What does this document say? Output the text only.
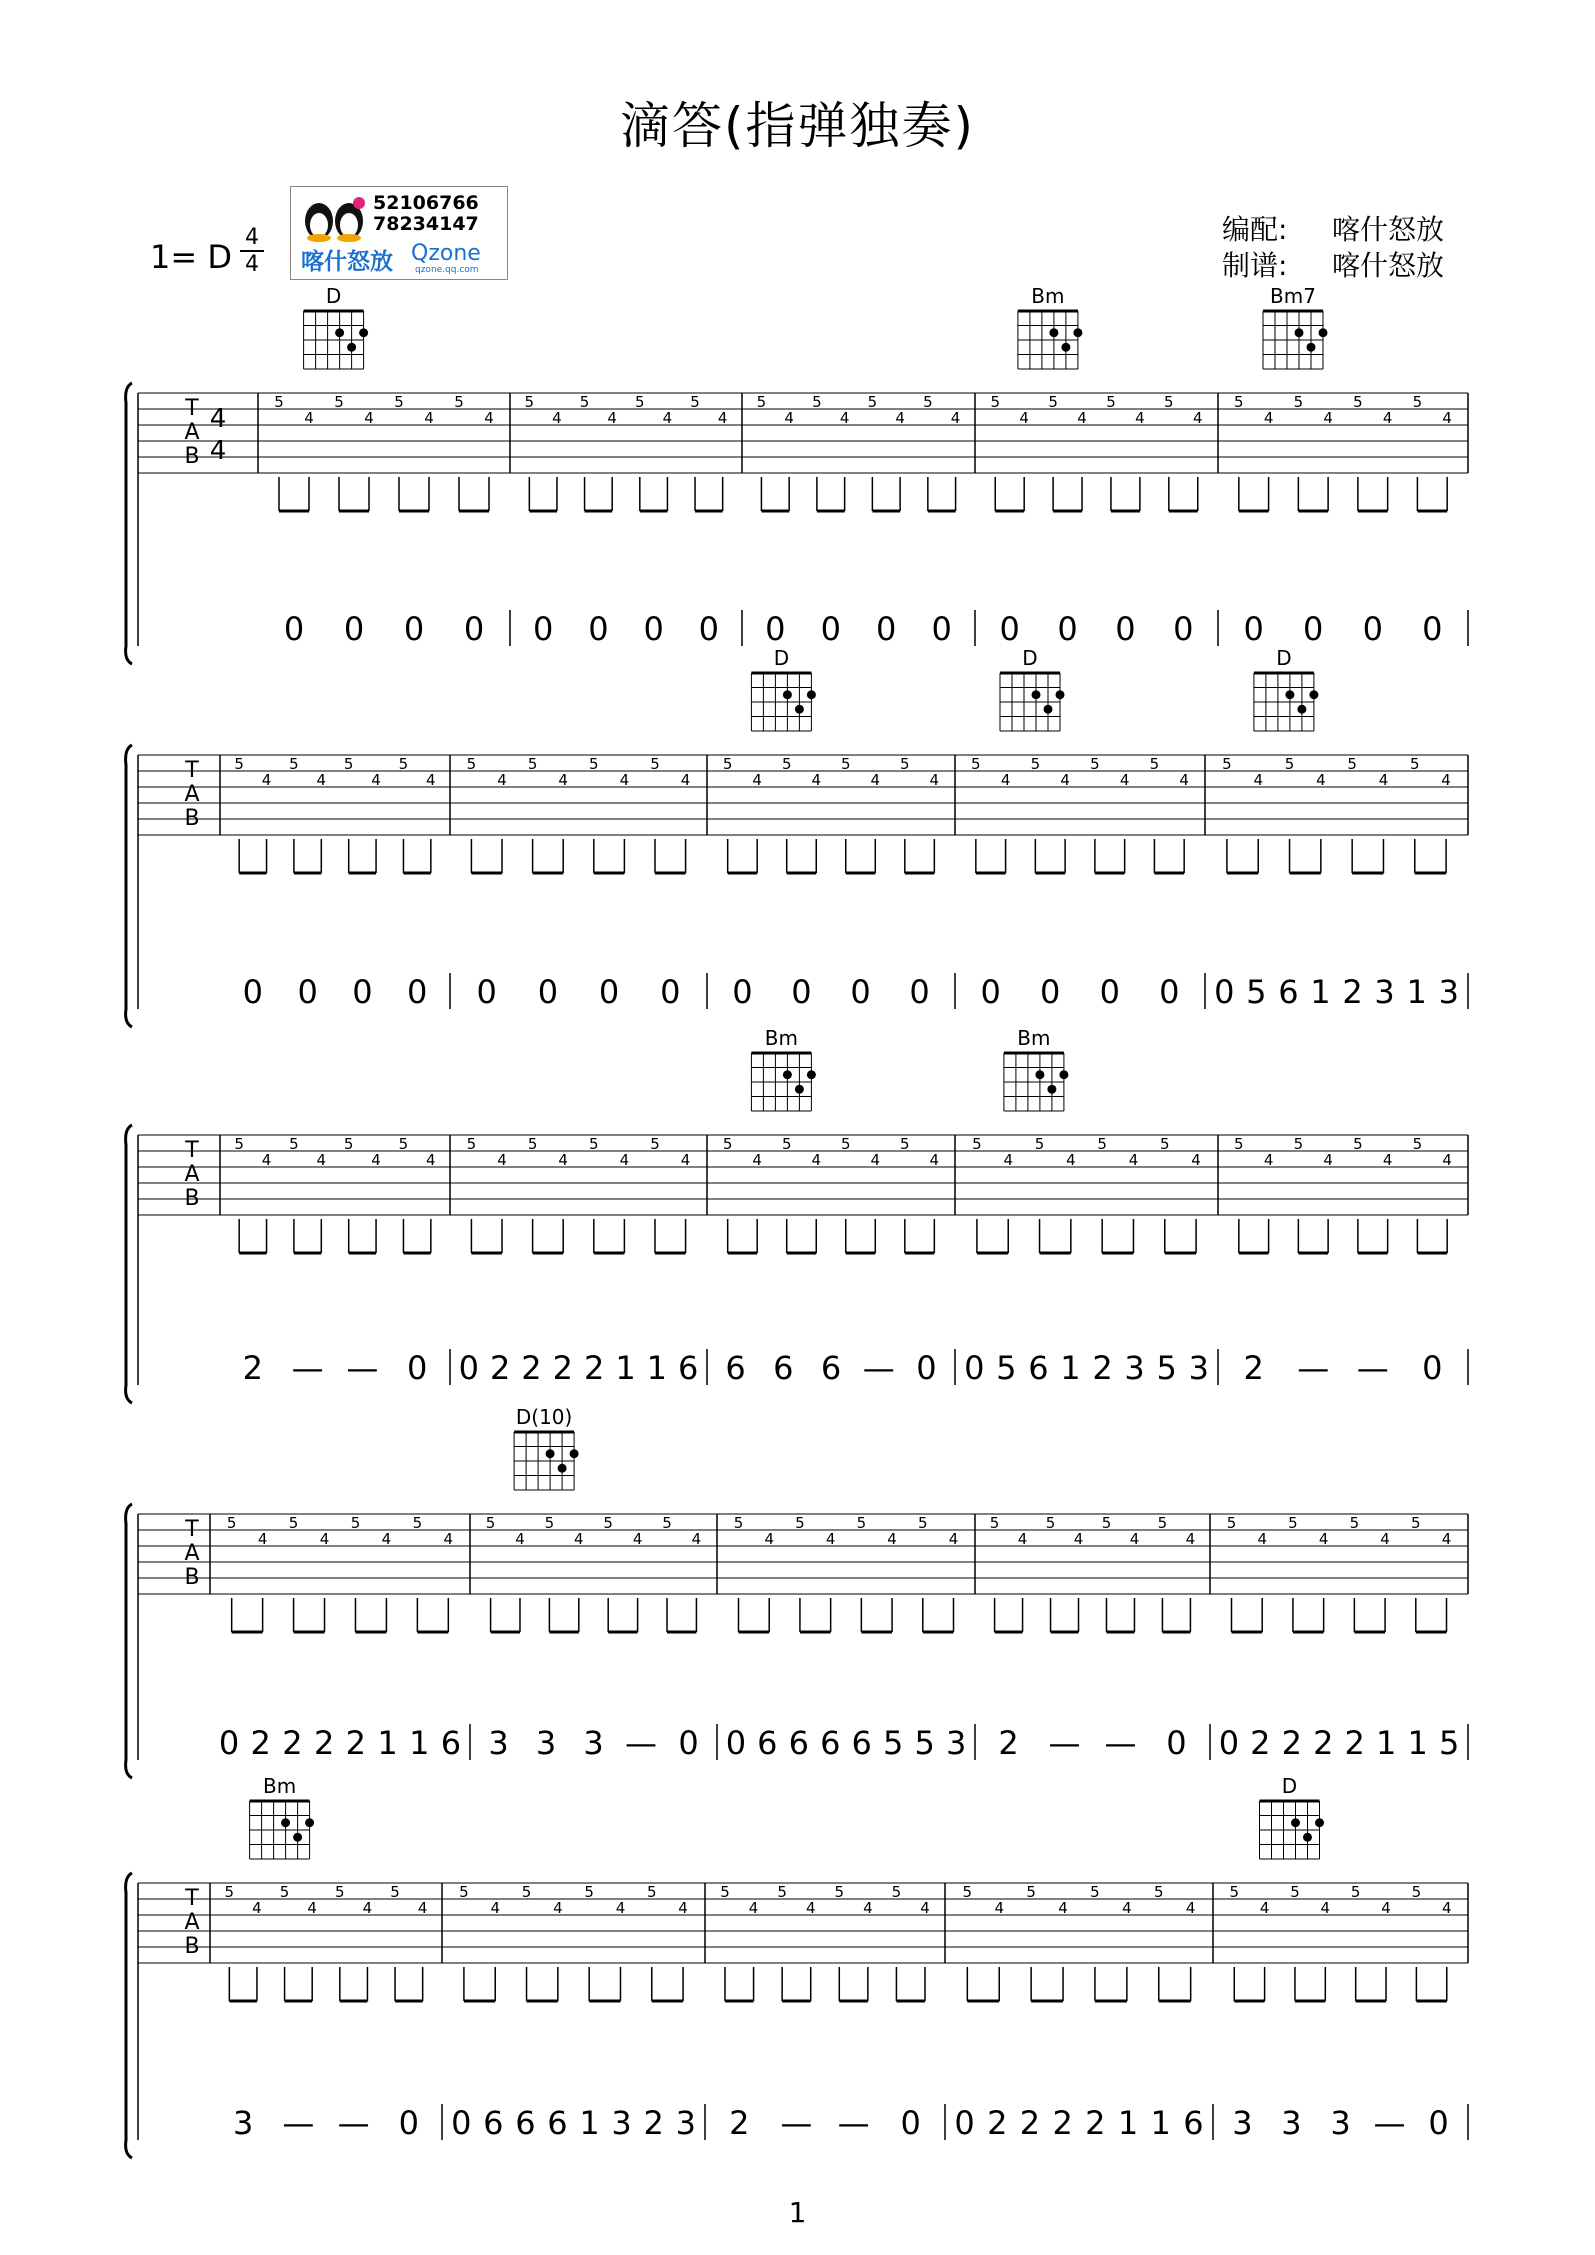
滴答(指弹独奏)
1= D
4
4
52106766
78234147
喀什怒放 Qzone
qzone.qq.com
编配: 喀什怒放
制谱: 喀什怒放
T
A
B
4
4
D	Bm	Bm7
0 0 0 0
5
4
5
4
5
4
5
4
0 0 0 0
5
4
5
4
5
4
5
4
0 0 0 0
5
4
5
4
5
4
5
4
0 0 0 0
5
4
5
4
5
4
5
4
0 0 0 0
5
4
5
4
5
4
5
4
T
A
B
D	D	D
0 0 0 0
5
4
5
4
5
4
5
4
0 0 0 0
5
4
5
4
5
4
5
4
0 0 0 0
5
4
5
4
5
4
5
4
0 0 0 0
5
4
5
4
5
4
5
4
0 5 6 1 2 3 1 3
5
4
5
4
5
4
5
4
T
A
B
Bm	Bm
2 — — 0
5
4
5
4
5
4
5
4
0 2 2 2 2 1 1 6
5
4
5
4
5
4
5
4
6 6 6 — 0
5
4
5
4
5
4
5
4
0 5 6 1 2 3 5 3
5
4
5
4
5
4
5
4
2 — — 0
5
4
5
4
5
4
5
4
T
A
B
D(10)
0 2 2 2 2 1 1 6
5
4
5
4
5
4
5
4
3 3 3 — 0
5
4
5
4
5
4
5
4
0 6 6 6 6 5 5 3
5
4
5
4
5
4
5
4
2 — — 0
5
4
5
4
5
4
5
4
0 2 2 2 2 1 1 5
5
4
5
4
5
4
5
4
T
A
B
Bm	D
3 — — 0
5
4
5
4
5
4
5
4
0 6 6 6 1 3 2 3
5
4
5
4
5
4
5
4
2 — — 0
5
4
5
4
5
4
5
4
0 2 2 2 2 1 1 6
5
4
5
4
5
4
5
4
3 3 3 — 0
5
4
5
4
5
4
5
4
1
